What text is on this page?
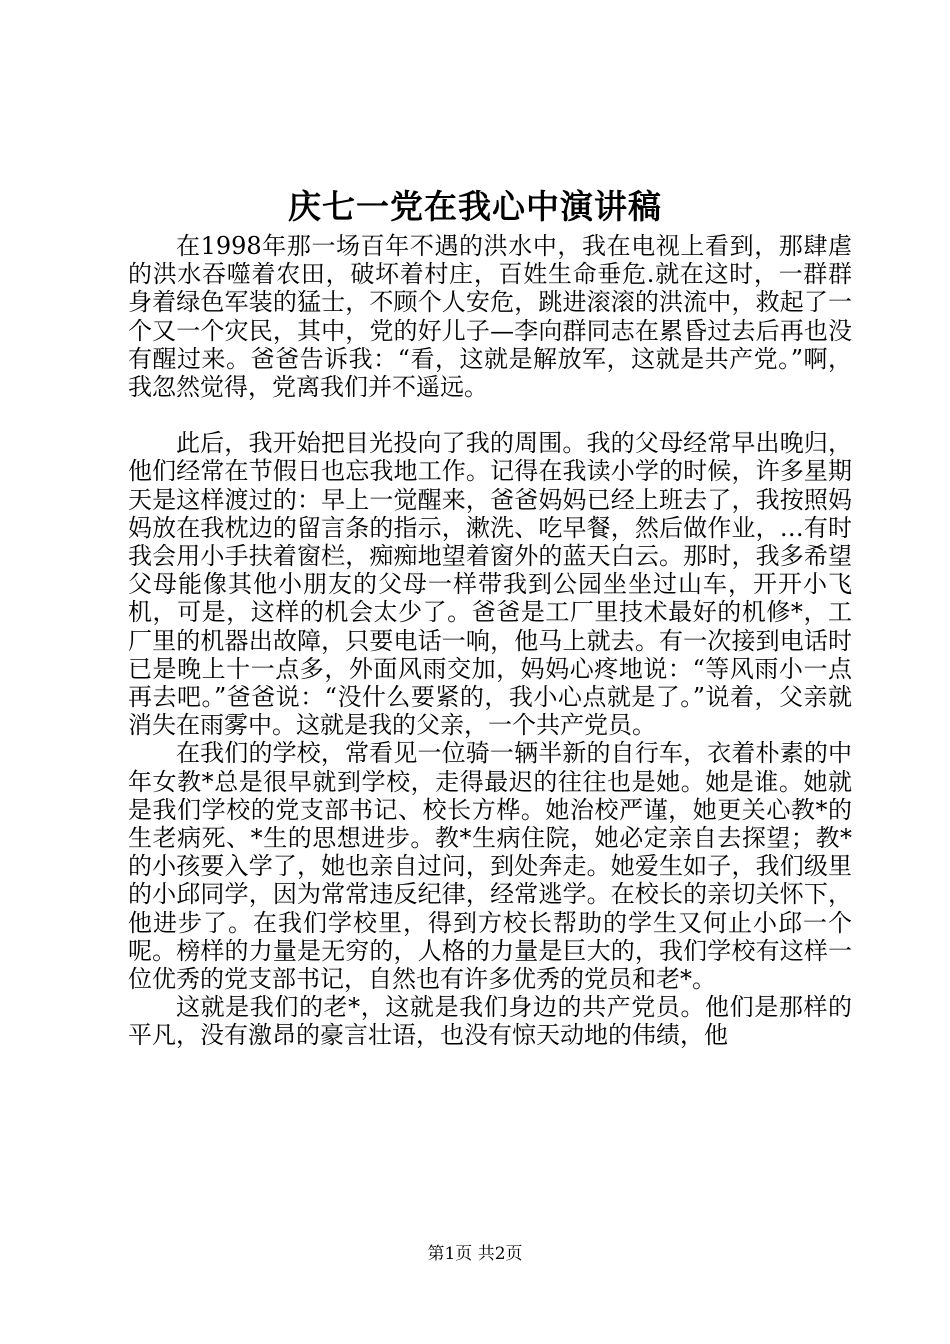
庆七一党在我心中演讲稿

在1998年那一场百年不遇的洪水中，我在电视上看到，那肆虐的洪水吞噬着农田，破坏着村庄，百姓生命垂危.就在这时，一群群身着绿色军装的猛士，不顾个人安危，跳进滚滚的洪流中，救起了一个又一个灾民，其中，党的好儿子—李向群同志在累昏过去后再也没有醒过来。爸爸告诉我：“看，这就是解放军，这就是共产党。”啊，我忽然觉得，党离我们并不遥远。

此后，我开始把目光投向了我的周围。我的父母经常早出晚归，他们经常在节假日也忘我地工作。记得在我读小学的时候，许多星期天是这样渡过的：早上一觉醒来，爸爸妈妈已经上班去了，我按照妈妈放在我枕边的留言条的指示，漱洗、吃早餐，然后做作业，…有时我会用小手扶着窗栏，痴痴地望着窗外的蓝天白云。那时，我多希望父母能像其他小朋友的父母一样带我到公园坐坐过山车，开开小飞机，可是，这样的机会太少了。爸爸是工厂里技术最好的机修*，工厂里的机器出故障，只要电话一响，他马上就去。有一次接到电话时已是晚上十一点多，外面风雨交加，妈妈心疼地说：“等风雨小一点再去吧。”爸爸说：“没什么要紧的，我小心点就是了。”说着，父亲就消失在雨雾中。这就是我的父亲，一个共产党员。

在我们的学校，常看见一位骑一辆半新的自行车，衣着朴素的中年女教*总是很早就到学校，走得最迟的往往也是她。她是谁。她就是我们学校的党支部书记、校长方桦。她治校严谨，她更关心教*的生老病死、*生的思想进步。教*生病住院，她必定亲自去探望；教*的小孩要入学了，她也亲自过问，到处奔走。她爱生如子，我们级里的小邱同学，因为常常违反纪律，经常逃学。在校长的亲切关怀下，他进步了。在我们学校里，得到方校长帮助的学生又何止小邱一个呢。榜样的力量是无穷的，人格的力量是巨大的，我们学校有这样一位优秀的党支部书记，自然也有许多优秀的党员和老*。

这就是我们的老*，这就是我们身边的共产党员。他们是那样的平凡，没有激昂的豪言壮语，也没有惊天动地的伟绩，他

第1页 共2页
